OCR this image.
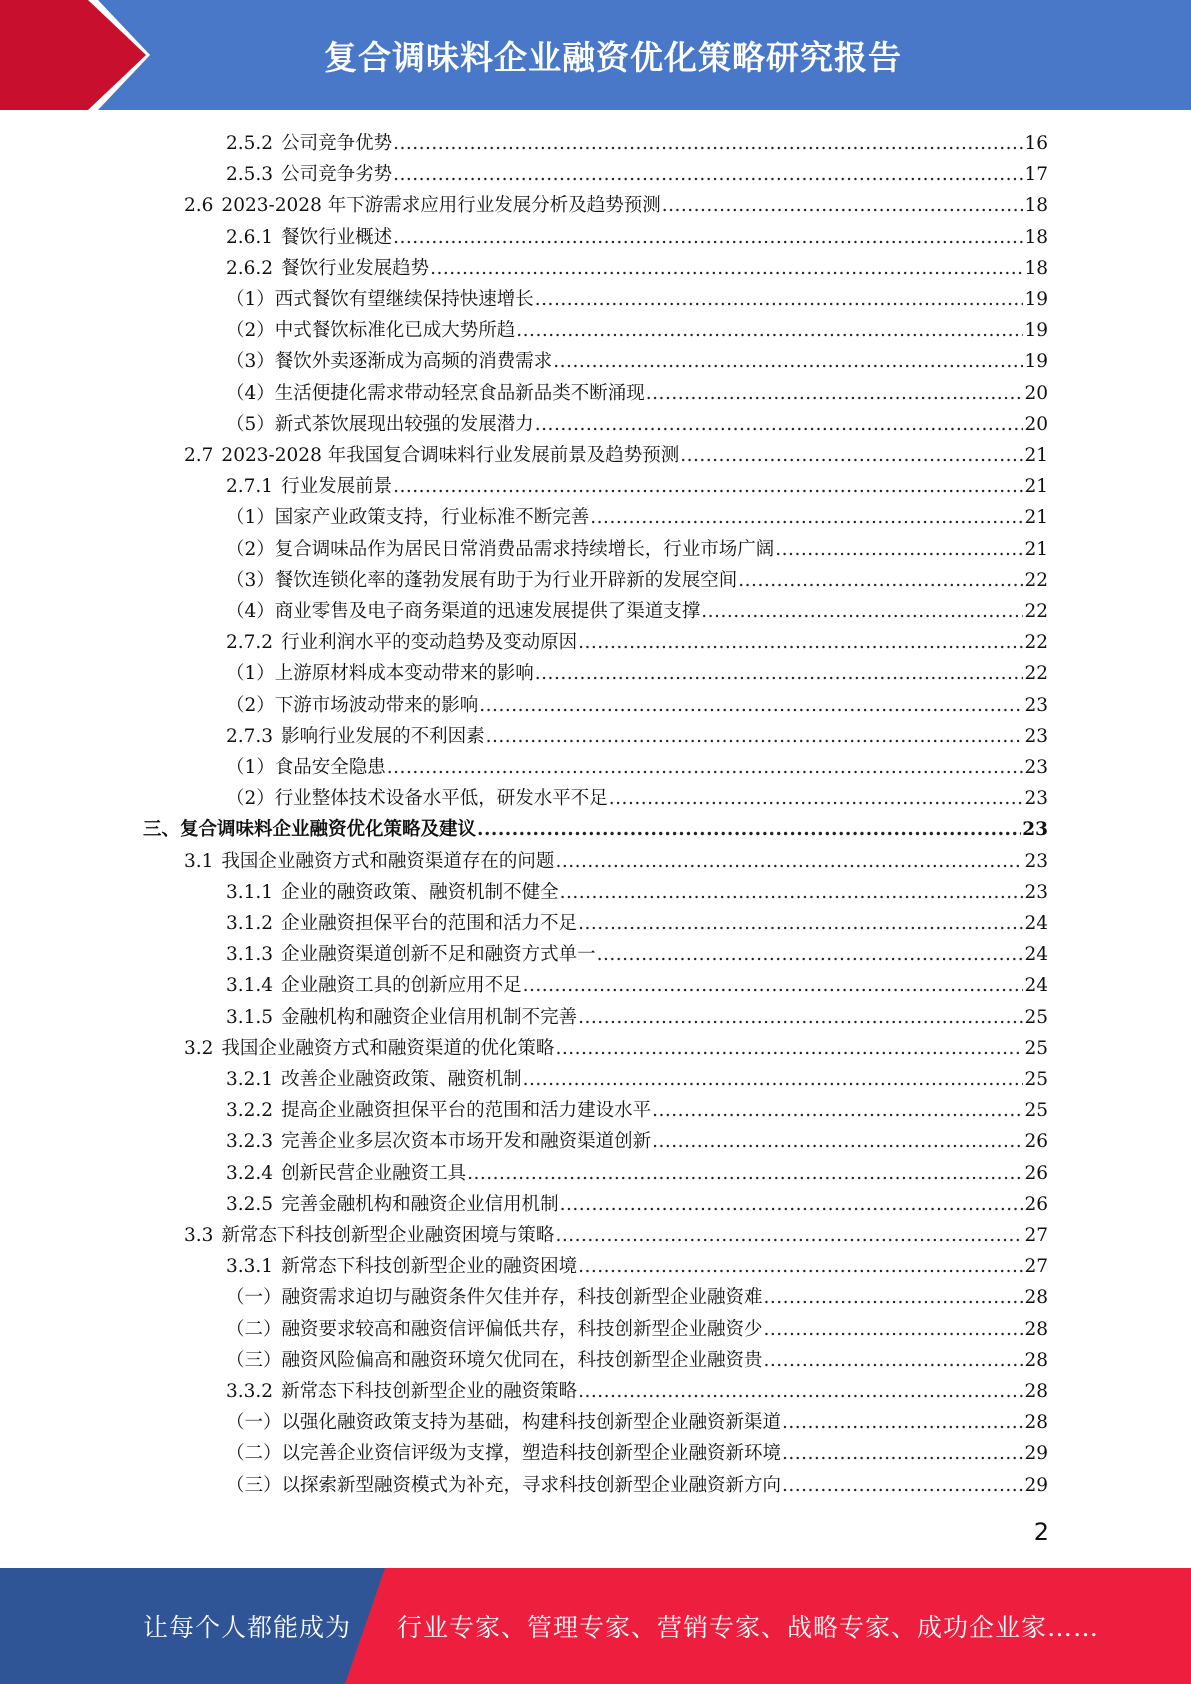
复合调味料企业融资优化策略研究报告
2.5.2 公司竞争优势 .....	16
2.5.3 公司竞争劣势 .....	17
2.6 2023-2028 年下游需求应用行业发展分析及趋势预测 .....	18
2.6.1 餐饮行业概述 .....	18
2.6.2 餐饮行业发展趋势 .....	18
（1） 西式餐饮有望继续保持快速增长 .....	19
（2） 中式餐饮标准化已成大势所趋 .....	19
（3） 餐饮外卖逐渐成为高频的消费需求 .....	19
（4） 生活便捷化需求带动轻烹食品新品类不断涌现 .....	20
（5） 新式茶饮展现出较强的发展潜力 .....	20
2.7 2023-2028 年我国复合调味料行业发展前景及趋势预测 .....	21
2.7.1 行业发展前景 .....	21
（1） 国家产业政策支持，行业标准不断完善 .....	21
（2） 复合调味品作为居民日常消费品需求持续增长，行业市场广阔 .....	21
（3） 餐饮连锁化率的蓬勃发展有助于为行业开辟新的发展空间 .....	22
（4） 商业零售及电子商务渠道的迅速发展提供了渠道支撑 .....	22
2.7.2 行业利润水平的变动趋势及变动原因 .....	22
（1） 上游原材料成本变动带来的影响 .....	22
（2） 下游市场波动带来的影响 .....	23
2.7.3 影响行业发展的不利因素 .....	23
（1） 食品安全隐患 .....	23
（2） 行业整体技术设备水平低，研发水平不足 .....	23
三、 复合调味料企业融资优化策略及建议 .....	23
3.1 我国企业融资方式和融资渠道存在的问题 .....	23
3.1.1 企业的融资政策、融资机制不健全 .....	23
3.1.2 企业融资担保平台的范围和活力不足 .....	24
3.1.3 企业融资渠道创新不足和融资方式单一 .....	24
3.1.4 企业融资工具的创新应用不足 .....	24
3.1.5 金融机构和融资企业信用机制不完善 .....	25
3.2 我国企业融资方式和融资渠道的优化策略 .....	25
3.2.1 改善企业融资政策、融资机制 .....	25
3.2.2 提高企业融资担保平台的范围和活力建设水平 .....	25
3.2.3 完善企业多层次资本市场开发和融资渠道创新 .....	26
3.2.4 创新民营企业融资工具 .....	26
3.2.5 完善金融机构和融资企业信用机制 .....	26
3.3 新常态下科技创新型企业融资困境与策略 .....	27
3.3.1 新常态下科技创新型企业的融资困境 .....	27
（一） 融资需求迫切与融资条件欠佳并存，科技创新型企业融资难 .....	28
（二） 融资要求较高和融资信评偏低共存，科技创新型企业融资少 .....	28
（三） 融资风险偏高和融资环境欠优同在，科技创新型企业融资贵 .....	28
3.3.2 新常态下科技创新型企业的融资策略 .....	28
（一） 以强化融资政策支持为基础，构建科技创新型企业融资新渠道 .....	28
（二） 以完善企业资信评级为支撑，塑造科技创新型企业融资新环境 .....	29
（三） 以探索新型融资模式为补充，寻求科技创新型企业融资新方向 .....	29
2
让每个人都能成为 行业专家、管理专家、营销专家、战略专家、成功企业家……
